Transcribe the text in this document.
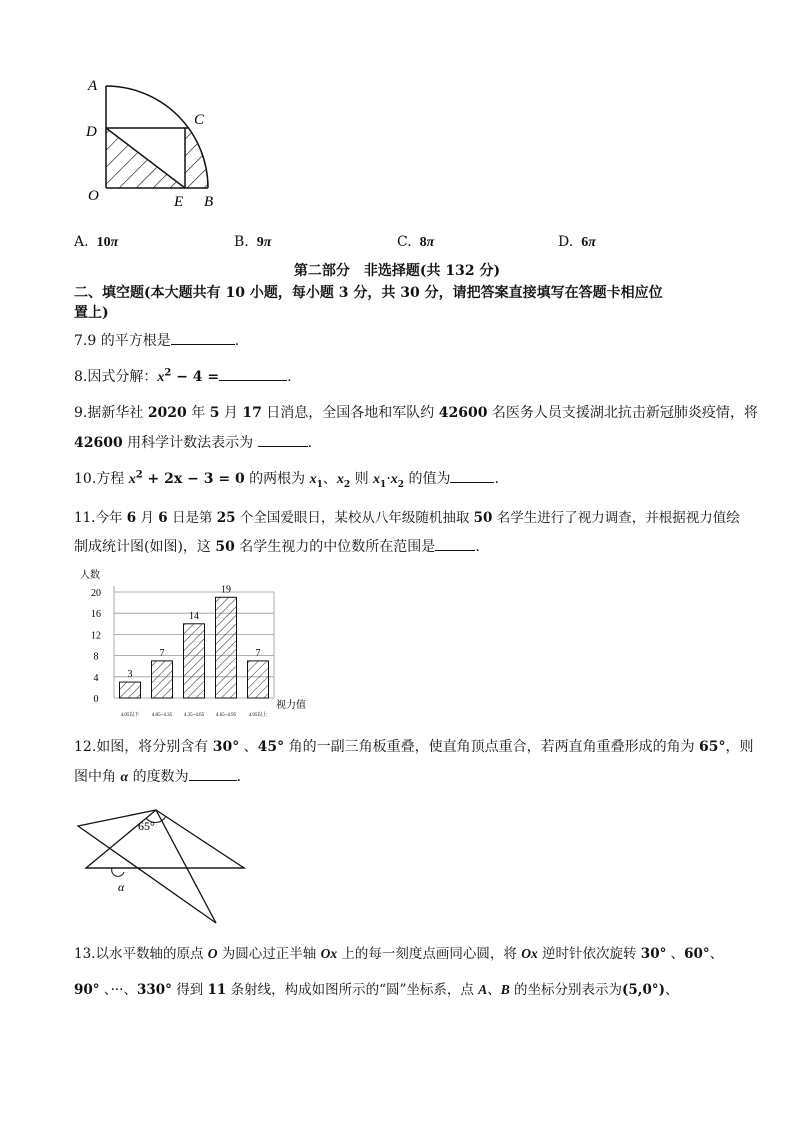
A
C
D
O	E B
A. 10π	B. 9π	C. 8π	D. 6π
第二部分　非选择题(共 132 分)
二、填空题(本大题共有 10 小题，每小题 3 分，共 30 分，请把答案直接填写在答题卡相应位
置上)
7.9 的平方根是	.
8.因式分解：$x^2 - 4$ =	.
9.据新华社 2020 年 5 月 17 日消息，全国各地和军队约 42600 名医务人员支援湖北抗击新冠肺炎疫情，将
42600 用科学计数法表示为	.
10.方程 $x^2 + 2x - 3 = 0$ 的两根为 $x_1$、$x_2$ 则 $x_1\cdot x_2$ 的值为	.
11.今年 6 月 6 日是第 25 个全国爱眼日，某校从八年级随机抽取 50 名学生进行了视力调查，并根据视力值绘
制成统计图(如图)，这 50 名学生视力的中位数所在范围是	.
人数
20
16
12
8
4
0
3
7
14
19
7
4.05以下	4.05~4.35 4.35~4.65 4.65~4.95	4.95以上
视力值
12.如图，将分别含有 30° 、45° 角的一副三角板重叠，使直角顶点重合，若两直角重叠形成的角为 65°，则
图中角 α 的度数为	.
65°
α
13.以水平数轴的原点 O 为圆心过正半轴 Ox 上的每一刻度点画同心圆，将 Ox 逆时针依次旋转 30° 、60°、
90° 、···、330° 得到 11 条射线，构成如图所示的“圆”坐标系，点 A、B 的坐标分别表示为(5,0°)、
